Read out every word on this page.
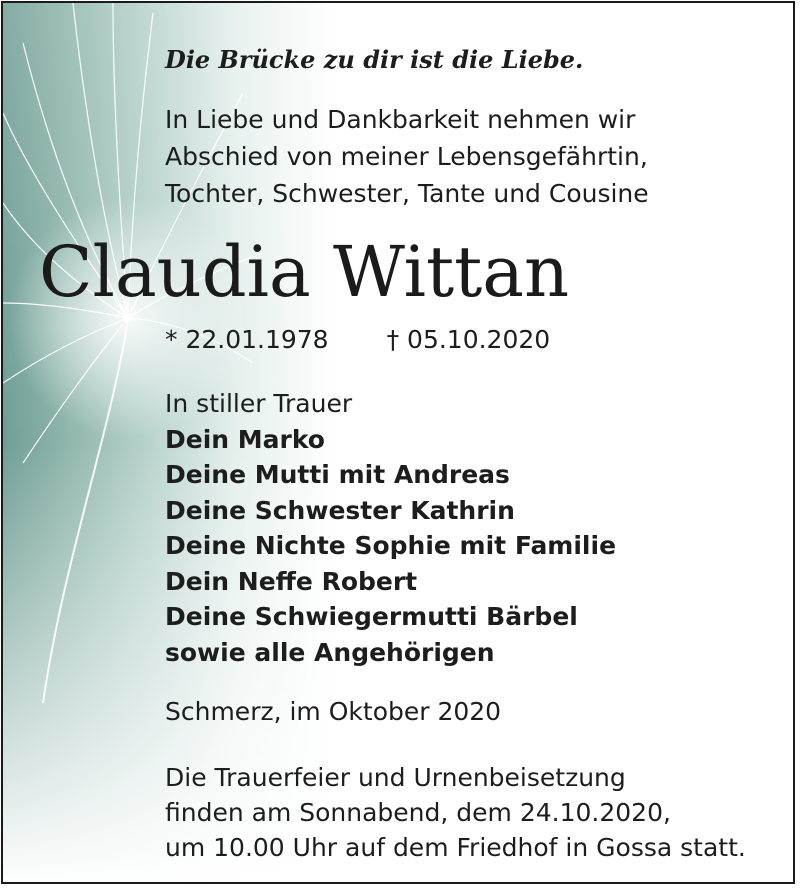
Die Brücke zu dir ist die Liebe.
In Liebe und Dankbarkeit nehmen wir
Abschied von meiner Lebensgefährtin,
Tochter, Schwester, Tante und Cousine
Claudia Wittan
* 22.01.1978 † 05.10.2020
In stiller Trauer
Dein Marko
Deine Mutti mit Andreas
Deine Schwester Kathrin
Deine Nichte Sophie mit Familie
Dein Neffe Robert
Deine Schwiegermutti Bärbel
sowie alle Angehörigen
Schmerz, im Oktober 2020
Die Trauerfeier und Urnenbeisetzung
finden am Sonnabend, dem 24.10.2020,
um 10.00 Uhr auf dem Friedhof in Gossa statt.
